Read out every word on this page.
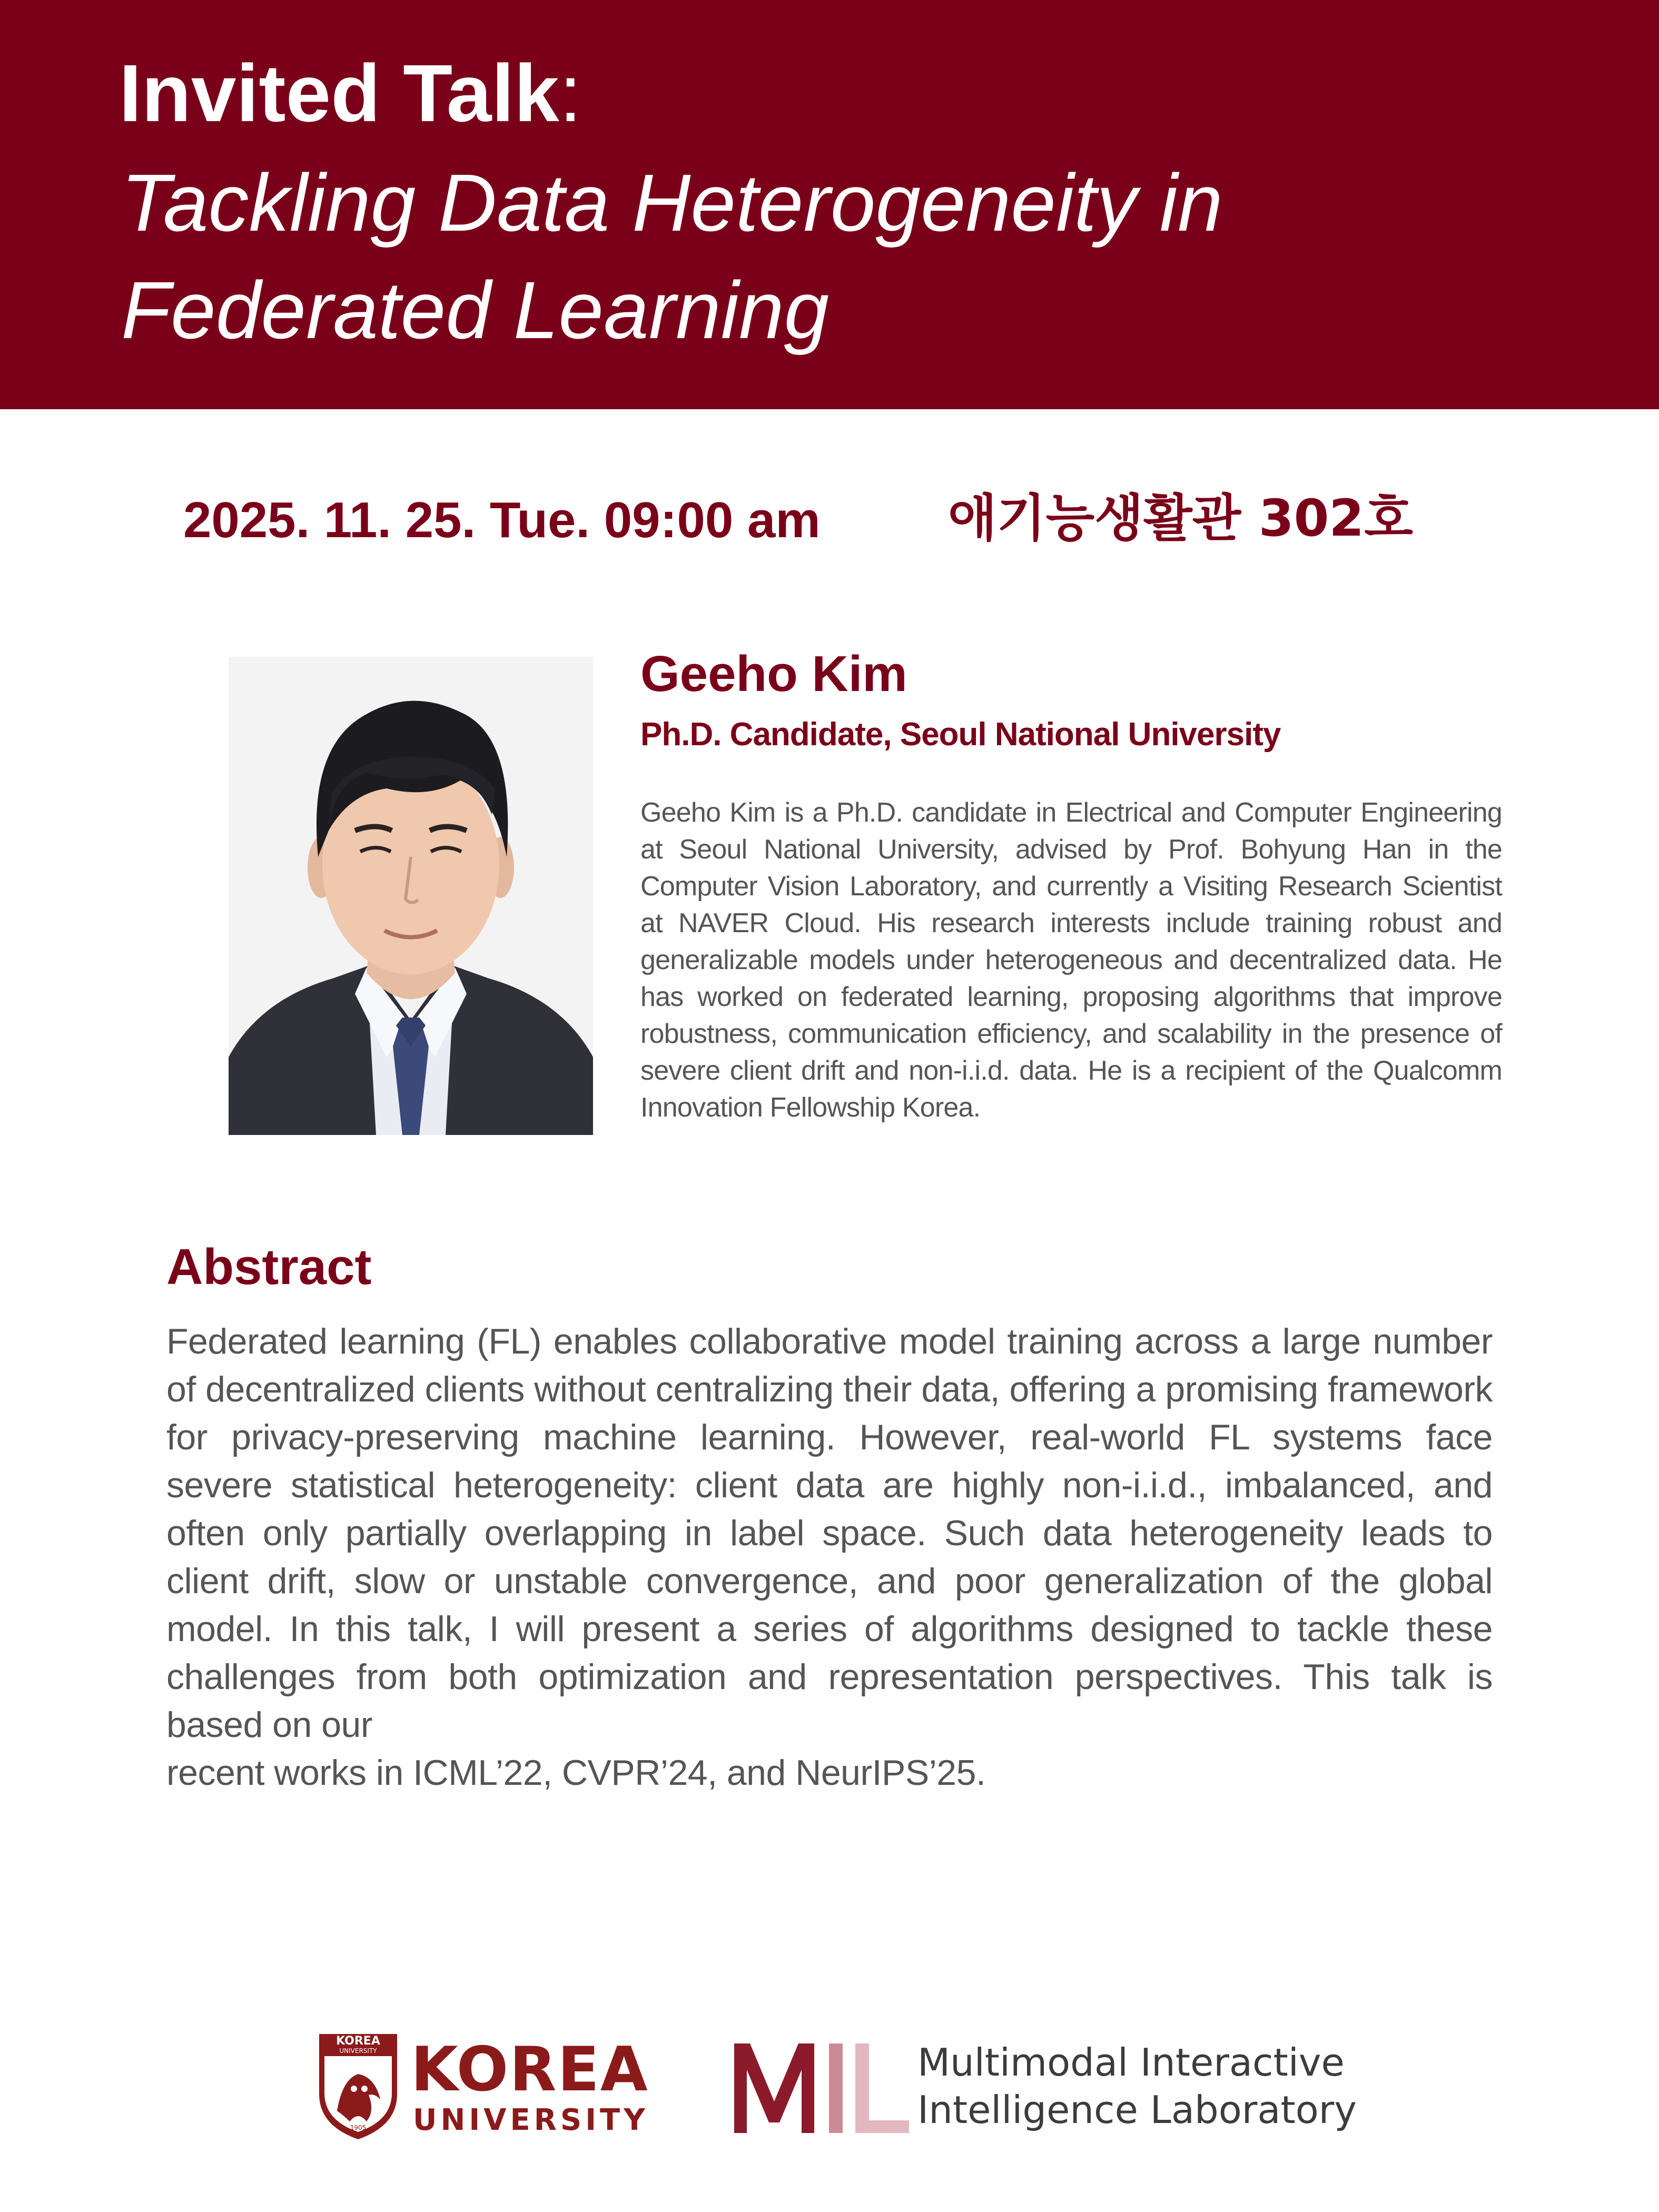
Invited Talk:
Tackling Data Heterogeneity in
Federated Learning
2025. 11. 25. Tue. 09:00 am	애기능생활관 302호
Geeho Kim
Ph.D. Candidate, Seoul National University
Geeho Kim is a Ph.D. candidate in Electrical and Computer Engineering at Seoul National University, advised by Prof. Bohyung Han in the Computer Vision Laboratory, and currently a Visiting Research Scientist at NAVER Cloud. His research interests include training robust and generalizable models under heterogeneous and decentralized data. He has worked on federated learning, proposing algorithms that improve robustness, communication efficiency, and scalability in the presence of severe client drift and non-i.i.d. data. He is a recipient of the Qualcomm Innovation Fellowship Korea.
Abstract

Federated learning (FL) enables collaborative model training across a large number of decentralized clients without centralizing their data, offering a promising framework for privacy-preserving machine learning. However, real-world FL systems face severe statistical heterogeneity: client data are highly non-i.i.d., imbalanced, and often only partially overlapping in label space. Such data heterogeneity leads to client drift, slow or unstable convergence, and poor generalization of the global model. In this talk, I will present a series of algorithms designed to tackle these challenges from both optimization and representation perspectives. This talk is based on our

recent works in ICML’22, CVPR’24, and NeurIPS’25.

KOREA
UNIVERSITY
1905
KOREA
UNIVERSITY
Multimodal Interactive
Intelligence Laboratory
